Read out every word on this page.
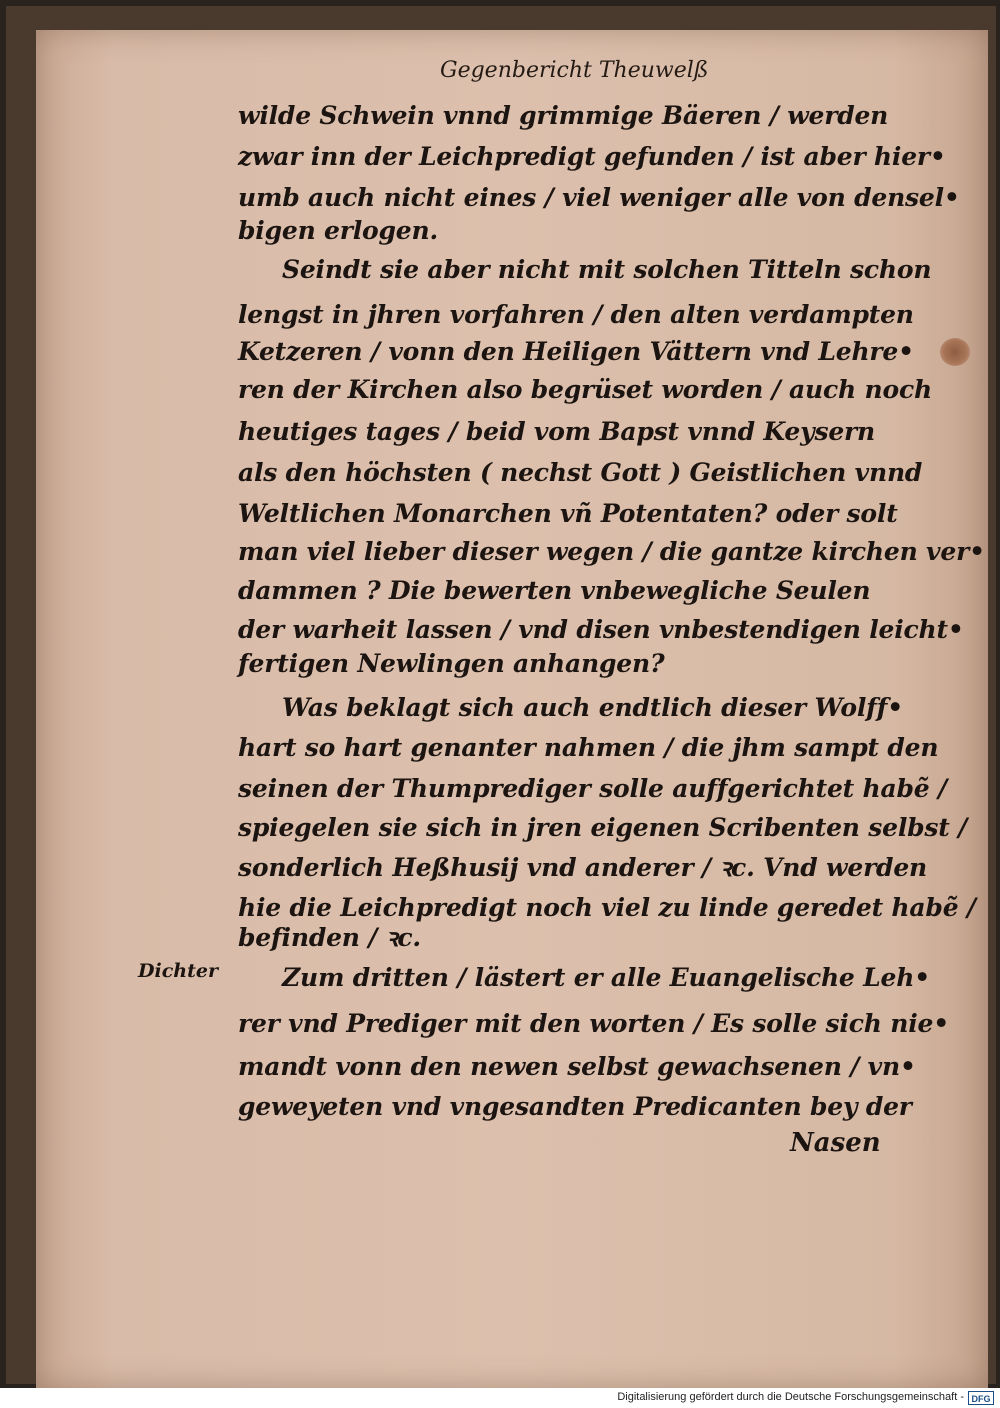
Gegenbericht Theuwelß
wilde Schwein vnnd grimmige Bäeren / werden
zwar inn der Leichpredigt gefunden / ist aber hier•
umb auch nicht eines / viel weniger alle von densel•
bigen erlogen.
Seindt sie aber nicht mit solchen Titteln schon
lengst in jhren vorfahren / den alten verdampten
Ketzeren / vonn den Heiligen Vättern vnd Lehre•
ren der Kirchen also begrüset worden / auch noch
heutiges tages / beid vom Bapst vnnd Keysern
als den höchsten ( nechst Gott ) Geistlichen vnnd
Weltlichen Monarchen vñ Potentaten? oder solt
man viel lieber dieser wegen / die gantze kirchen ver•
dammen ? Die bewerten vnbewegliche Seulen
der warheit lassen / vnd disen vnbestendigen leicht•
fertigen Newlingen anhangen?
Was beklagt sich auch endtlich dieser Wolff•
hart so hart genanter nahmen / die jhm sampt den
seinen der Thumprediger solle auffgerichtet habẽ /
spiegelen sie sich in jren eigenen Scribenten selbst /
sonderlich Heßhusij vnd anderer / ꝛc. Vnd werden
hie die Leichpredigt noch viel zu linde geredet habẽ /
befinden / ꝛc.
Zum dritten / lästert er alle Euangelische Leh•
rer vnd Prediger mit den worten / Es solle sich nie•
mandt vonn den newen selbst gewachsenen / vn•
geweyeten vnd vngesandten Predicanten bey der
Dichter
Nasen
Digitalisierung gefördert durch die Deutsche Forschungsgemeinschaft - DFG
